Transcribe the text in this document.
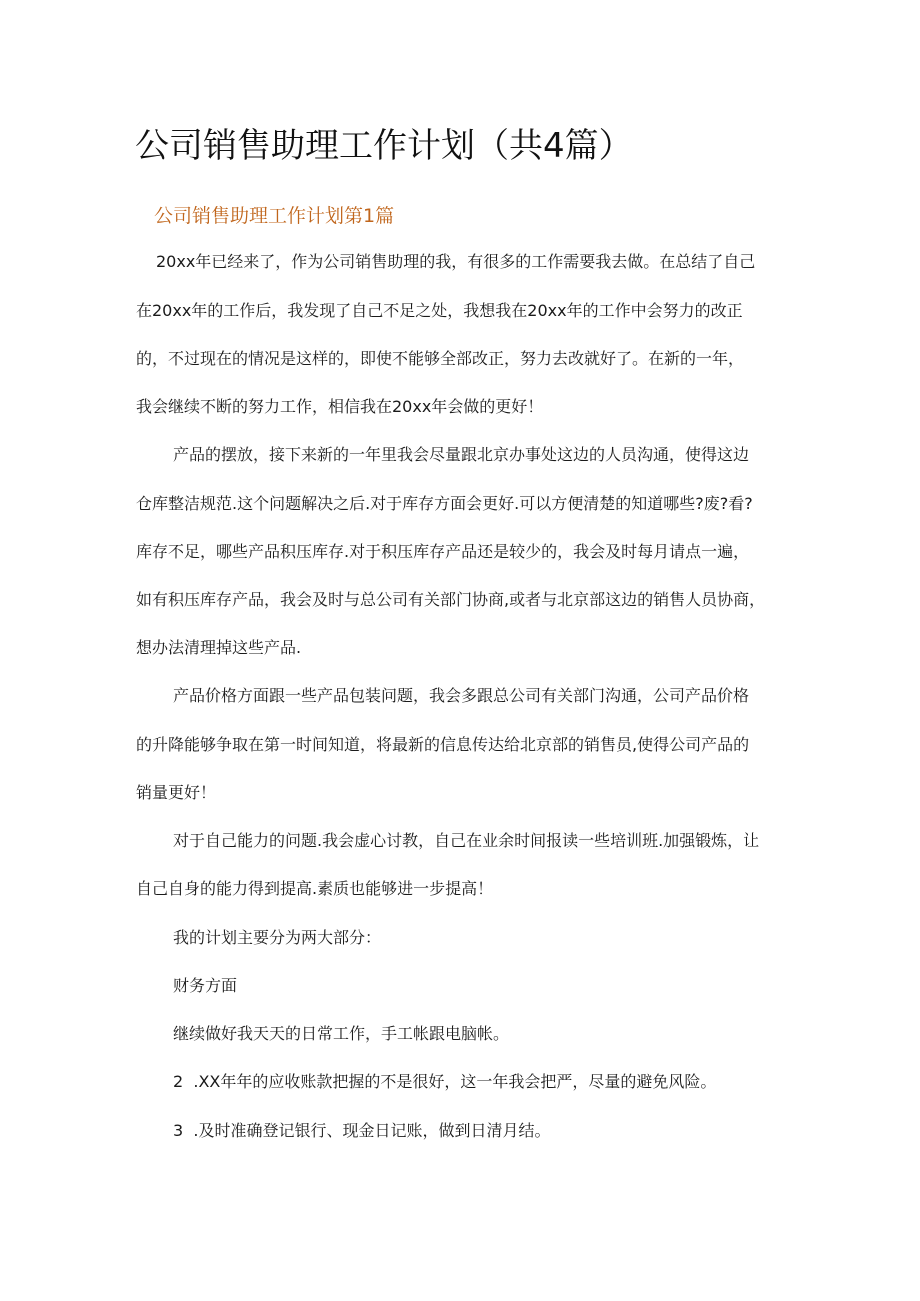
公司销售助理工作计划（共4篇）
公司销售助理工作计划第1篇
20xx年已经来了，作为公司销售助理的我，有很多的工作需要我去做。在总结了自己
在20xx年的工作后，我发现了自己不足之处，我想我在20xx年的工作中会努力的改正
的，不过现在的情况是这样的，即使不能够全部改正，努力去改就好了。在新的一年，
我会继续不断的努力工作，相信我在20xx年会做的更好！
产品的摆放，接下来新的一年里我会尽量跟北京办事处这边的人员沟通，使得这边
仓库整洁规范.这个问题解决之后.对于库存方面会更好.可以方便清楚的知道哪些?废?看?
库存不足，哪些产品积压库存.对于积压库存产品还是较少的，我会及时每月请点一遍，
如有积压库存产品，我会及时与总公司有关部门协商,或者与北京部这边的销售人员协商，
想办法清理掉这些产品.
产品价格方面跟一些产品包装问题，我会多跟总公司有关部门沟通，公司产品价格
的升降能够争取在第一时间知道，将最新的信息传达给北京部的销售员,使得公司产品的
销量更好！
对于自己能力的问题.我会虚心讨教，自己在业余时间报读一些培训班.加强锻炼，让
自己自身的能力得到提高.素质也能够进一步提高！
我的计划主要分为两大部分：
财务方面
继续做好我天天的日常工作，手工帐跟电脑帐。
2  .XX年年的应收账款把握的不是很好，这一年我会把严，尽量的避免风险。
3  .及时准确登记银行、现金日记账，做到日清月结。
